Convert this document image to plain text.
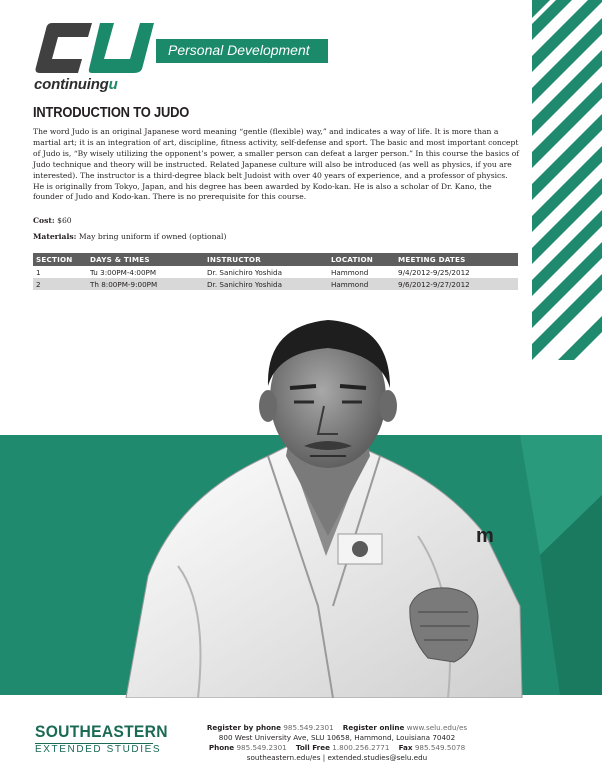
continuingu
Personal Development
INTRODUCTION TO JUDO
The word Judo is an original Japanese word meaning “gentle (flexible) way,” and indicates a way of life. It is more than a martial art; it is an integration of art, discipline, fitness activity, self-defense and sport. The basic and most important concept of Judo is, “By wisely utilizing the opponent’s power, a smaller person can defeat a larger person.” In this course the basics of Judo technique and theory will be instructed. Related Japanese culture will also be introduced (as well as physics, if you are interested). The instructor is a third-degree black belt Judoist with over 40 years of experience, and a professor of physics. He is originally from Tokyo, Japan, and his degree has been awarded by Kodo-kan. He is also a scholar of Dr. Kano, the founder of Judo and Kodo-kan. There is no prerequisite for this course.
Cost: $60
Materials: May bring uniform if owned (optional)
SECTION	DAYS & TIMES	INSTRUCTOR	LOCATION	MEETING DATES
1	Tu 3:00PM-4:00PM	Dr. Sanichiro Yoshida	Hammond	9/4/2012-9/25/2012
2	Th 8:00PM-9:00PM	Dr. Sanichiro Yoshida	Hammond	9/6/2012-9/27/2012
m
SOUTHEASTERN
EXTENDED STUDIES
Register by phone 985.549.2301 Register online www.selu.edu/es
800 West University Ave, SLU 10658, Hammond, Louisiana 70402
Phone 985.549.2301 Toll Free 1.800.256.2771 Fax 985.549.5078
southeastern.edu/es | extended.studies@selu.edu
